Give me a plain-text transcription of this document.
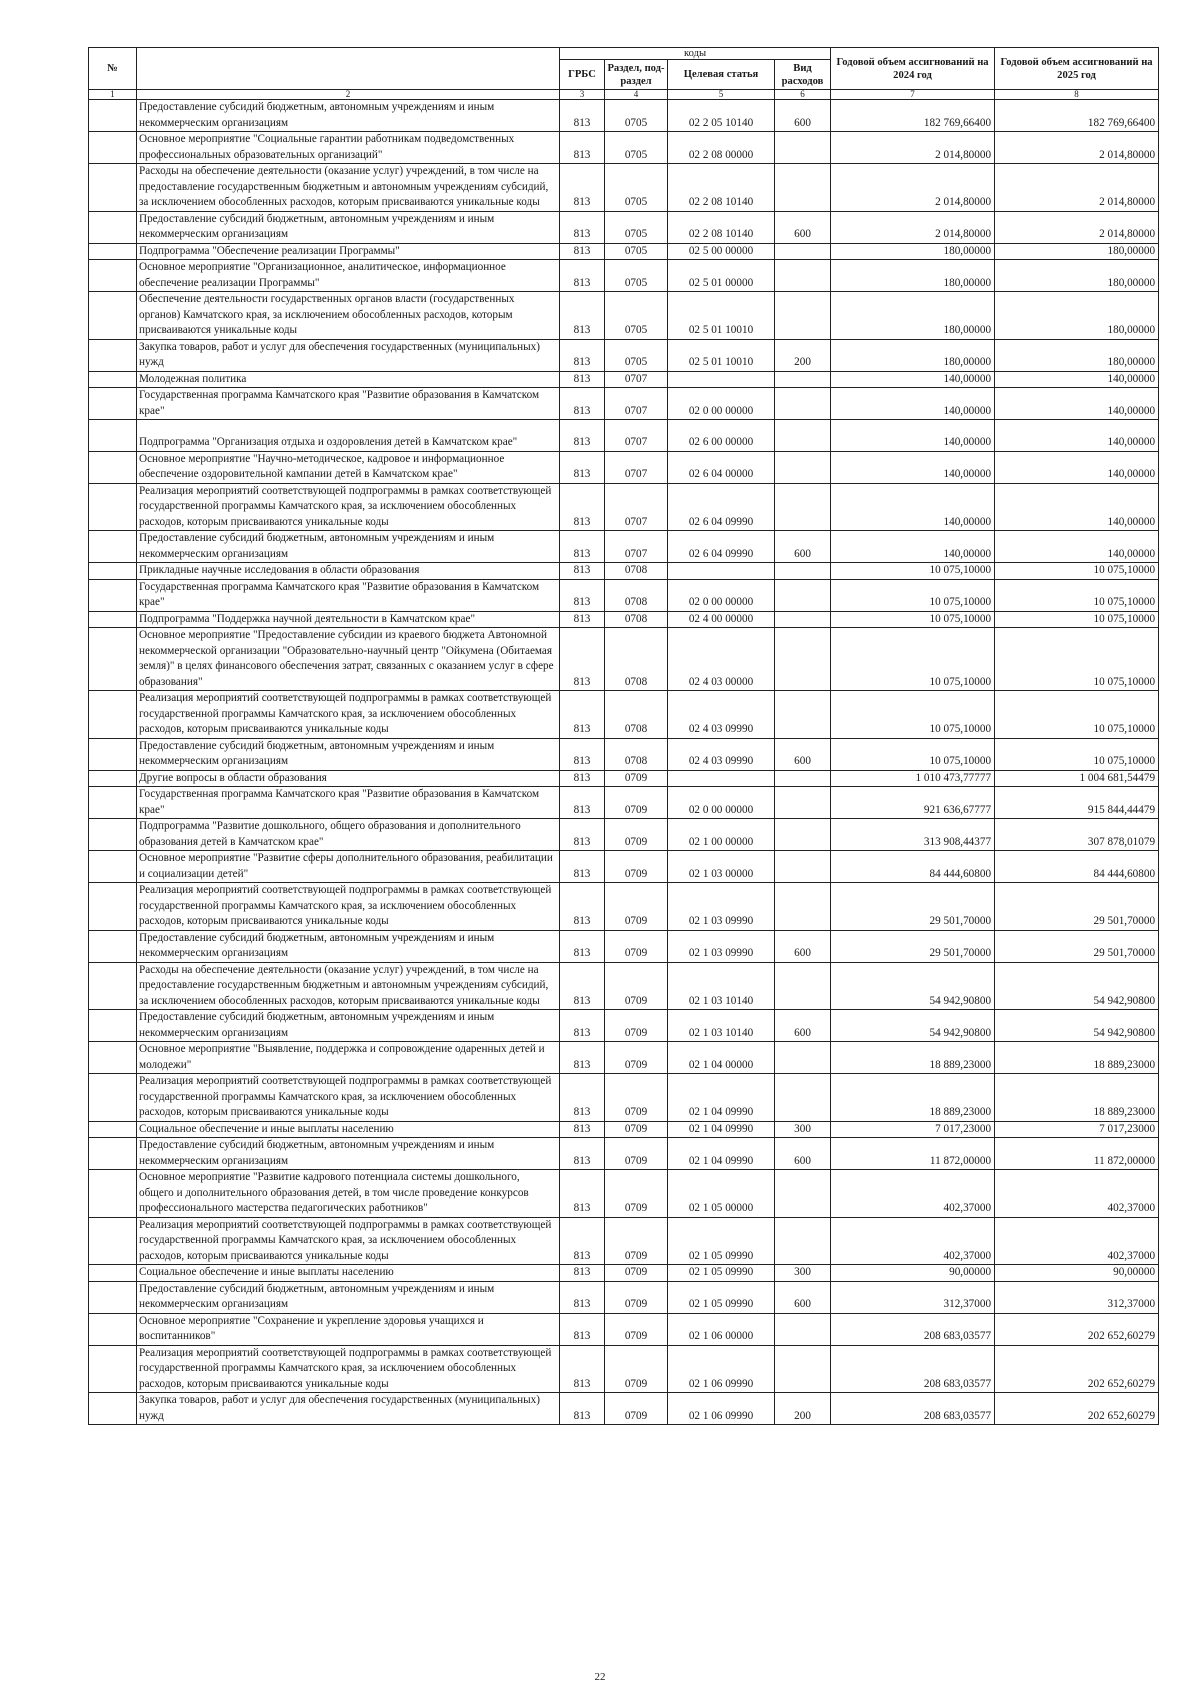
№		коды				Годовой объем ассигнований на 2024 год	Годовой объем ассигнований на 2025 год
		ГРБС	Раздел, под-раздел	Целевая статья	Вид расходов		
1	2	3	4	5	6	7	8
	Предоставление субсидий бюджетным, автономным учреждениям и иным некоммерческим организациям	813	0705	02 2 05 10140	600	182 769,66400	182 769,66400
	Основное мероприятие "Социальные гарантии работникам подведомственных профессиональных образовательных организаций"	813	0705	02 2 08 00000		2 014,80000	2 014,80000
	Расходы на обеспечение деятельности (оказание услуг) учреждений, в том числе на предоставление государственным бюджетным и автономным учреждениям субсидий, за исключением обособленных расходов, которым присваиваются уникальные коды	813	0705	02 2 08 10140		2 014,80000	2 014,80000
	Предоставление субсидий бюджетным, автономным учреждениям и иным некоммерческим организациям	813	0705	02 2 08 10140	600	2 014,80000	2 014,80000
	Подпрограмма "Обеспечение реализации Программы"	813	0705	02 5 00 00000		180,00000	180,00000
	Основное мероприятие "Организационное, аналитическое, информационное обеспечение реализации Программы"	813	0705	02 5 01 00000		180,00000	180,00000
	Обеспечение деятельности государственных органов власти (государственных органов) Камчатского края, за исключением обособленных расходов, которым присваиваются уникальные коды	813	0705	02 5 01 10010		180,00000	180,00000
	Закупка товаров, работ и услуг для обеспечения государственных (муниципальных) нужд	813	0705	02 5 01 10010	200	180,00000	180,00000
	Молодежная политика	813	0707			140,00000	140,00000
	Государственная программа Камчатского края "Развитие образования в Камчатском крае"	813	0707	02 0 00 00000		140,00000	140,00000
	Подпрограмма "Организация отдыха и оздоровления детей в Камчатском крае"	813	0707	02 6 00 00000		140,00000	140,00000
	Основное мероприятие "Научно-методическое, кадровое и информационное обеспечение оздоровительной кампании детей в Камчатском крае"	813	0707	02 6 04 00000		140,00000	140,00000
	Реализация мероприятий соответствующей подпрограммы в рамках соответствующей государственной программы Камчатского края, за исключением обособленных расходов, которым присваиваются уникальные коды	813	0707	02 6 04 09990		140,00000	140,00000
	Предоставление субсидий бюджетным, автономным учреждениям и иным некоммерческим организациям	813	0707	02 6 04 09990	600	140,00000	140,00000
	Прикладные научные исследования в области образования	813	0708			10 075,10000	10 075,10000
	Государственная программа Камчатского края "Развитие образования в Камчатском крае"	813	0708	02 0 00 00000		10 075,10000	10 075,10000
	Подпрограмма "Поддержка научной деятельности в Камчатском крае"	813	0708	02 4 00 00000		10 075,10000	10 075,10000
	Основное мероприятие "Предоставление субсидии из краевого бюджета Автономной некоммерческой организации "Образовательно-научный центр "Ойкумена (Обитаемая земля)" в целях финансового обеспечения затрат, связанных с оказанием услуг в сфере образования"	813	0708	02 4 03 00000		10 075,10000	10 075,10000
	Реализация мероприятий соответствующей подпрограммы в рамках соответствующей государственной программы Камчатского края, за исключением обособленных расходов, которым присваиваются уникальные коды	813	0708	02 4 03 09990		10 075,10000	10 075,10000
	Предоставление субсидий бюджетным, автономным учреждениям и иным некоммерческим организациям	813	0708	02 4 03 09990	600	10 075,10000	10 075,10000
	Другие вопросы в области образования	813	0709			1 010 473,77777	1 004 681,54479
	Государственная программа Камчатского края "Развитие образования в Камчатском крае"	813	0709	02 0 00 00000		921 636,67777	915 844,44479
	Подпрограмма "Развитие дошкольного, общего образования и дополнительного образования детей в Камчатском крае"	813	0709	02 1 00 00000		313 908,44377	307 878,01079
	Основное мероприятие "Развитие сферы дополнительного образования, реабилитации и социализации детей"	813	0709	02 1 03 00000		84 444,60800	84 444,60800
	Реализация мероприятий соответствующей подпрограммы в рамках соответствующей государственной программы Камчатского края, за исключением обособленных расходов, которым присваиваются уникальные коды	813	0709	02 1 03 09990		29 501,70000	29 501,70000
	Предоставление субсидий бюджетным, автономным учреждениям и иным некоммерческим организациям	813	0709	02 1 03 09990	600	29 501,70000	29 501,70000
	Расходы на обеспечение деятельности (оказание услуг) учреждений, в том числе на предоставление государственным бюджетным и автономным учреждениям субсидий, за исключением обособленных расходов, которым присваиваются уникальные коды	813	0709	02 1 03 10140		54 942,90800	54 942,90800
	Предоставление субсидий бюджетным, автономным учреждениям и иным некоммерческим организациям	813	0709	02 1 03 10140	600	54 942,90800	54 942,90800
	Основное мероприятие "Выявление, поддержка и сопровождение одаренных детей и молодежи"	813	0709	02 1 04 00000		18 889,23000	18 889,23000
	Реализация мероприятий соответствующей подпрограммы в рамках соответствующей государственной программы Камчатского края, за исключением обособленных расходов, которым присваиваются уникальные коды	813	0709	02 1 04 09990		18 889,23000	18 889,23000
	Социальное обеспечение и иные выплаты населению	813	0709	02 1 04 09990	300	7 017,23000	7 017,23000
	Предоставление субсидий бюджетным, автономным учреждениям и иным некоммерческим организациям	813	0709	02 1 04 09990	600	11 872,00000	11 872,00000
	Основное мероприятие "Развитие кадрового потенциала системы дошкольного, общего и дополнительного образования детей, в том числе проведение конкурсов профессионального мастерства педагогических работников"	813	0709	02 1 05 00000		402,37000	402,37000
	Реализация мероприятий соответствующей подпрограммы в рамках соответствующей государственной программы Камчатского края, за исключением обособленных расходов, которым присваиваются уникальные коды	813	0709	02 1 05 09990		402,37000	402,37000
	Социальное обеспечение и иные выплаты населению	813	0709	02 1 05 09990	300	90,00000	90,00000
	Предоставление субсидий бюджетным, автономным учреждениям и иным некоммерческим организациям	813	0709	02 1 05 09990	600	312,37000	312,37000
	Основное мероприятие "Сохранение и укрепление здоровья учащихся и воспитанников"	813	0709	02 1 06 00000		208 683,03577	202 652,60279
	Реализация мероприятий соответствующей подпрограммы в рамках соответствующей государственной программы Камчатского края, за исключением обособленных расходов, которым присваиваются уникальные коды	813	0709	02 1 06 09990		208 683,03577	202 652,60279
	Закупка товаров, работ и услуг для обеспечения государственных (муниципальных) нужд	813	0709	02 1 06 09990	200	208 683,03577	202 652,60279
22
